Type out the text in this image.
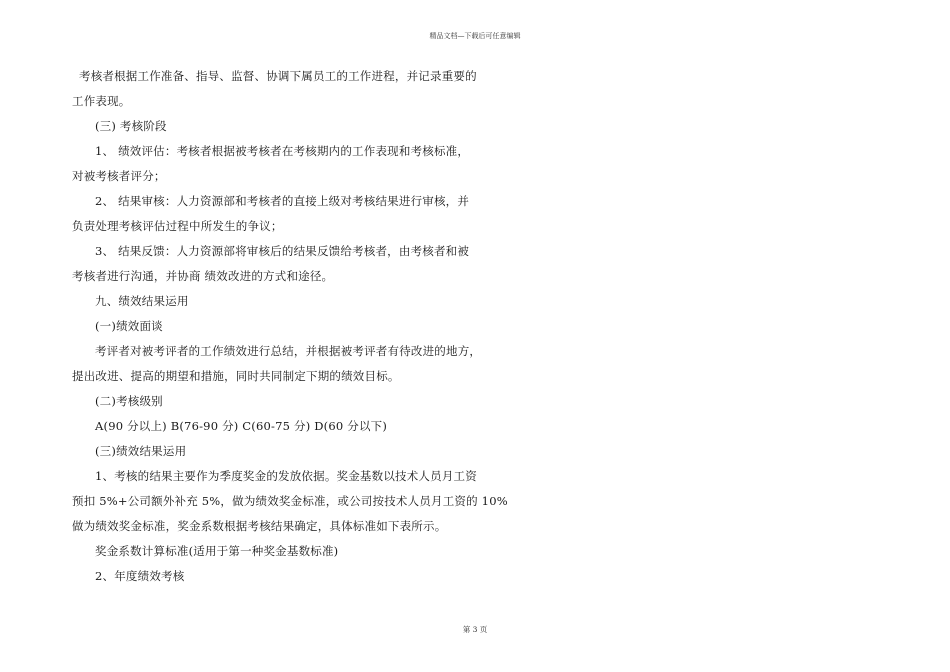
精品文档—下载后可任意编辑
考核者根据工作准备、指导、监督、协调下属员工的工作进程，并记录重要的
工作表现。
(三) 考核阶段
1、 绩效评估：考核者根据被考核者在考核期内的工作表现和考核标准，
对被考核者评分；
2、 结果审核：人力资源部和考核者的直接上级对考核结果进行审核，并
负责处理考核评估过程中所发生的争议；
3、 结果反馈：人力资源部将审核后的结果反馈给考核者，由考核者和被
考核者进行沟通，并协商 绩效改进的方式和途径。
九、绩效结果运用
(一)绩效面谈
考评者对被考评者的工作绩效进行总结，并根据被考评者有待改进的地方，
提出改进、提高的期望和措施，同时共同制定下期的绩效目标。
(二)考核级别
A(90 分以上) B(76-90 分) C(60-75 分) D(60 分以下)
(三)绩效结果运用
1、考核的结果主要作为季度奖金的发放依据。奖金基数以技术人员月工资
预扣 5%+公司额外补充 5%，做为绩效奖金标准，或公司按技术人员月工资的 10%
做为绩效奖金标准，奖金系数根据考核结果确定，具体标准如下表所示。
奖金系数计算标准(适用于第一种奖金基数标准)
2、年度绩效考核
第 3 页
